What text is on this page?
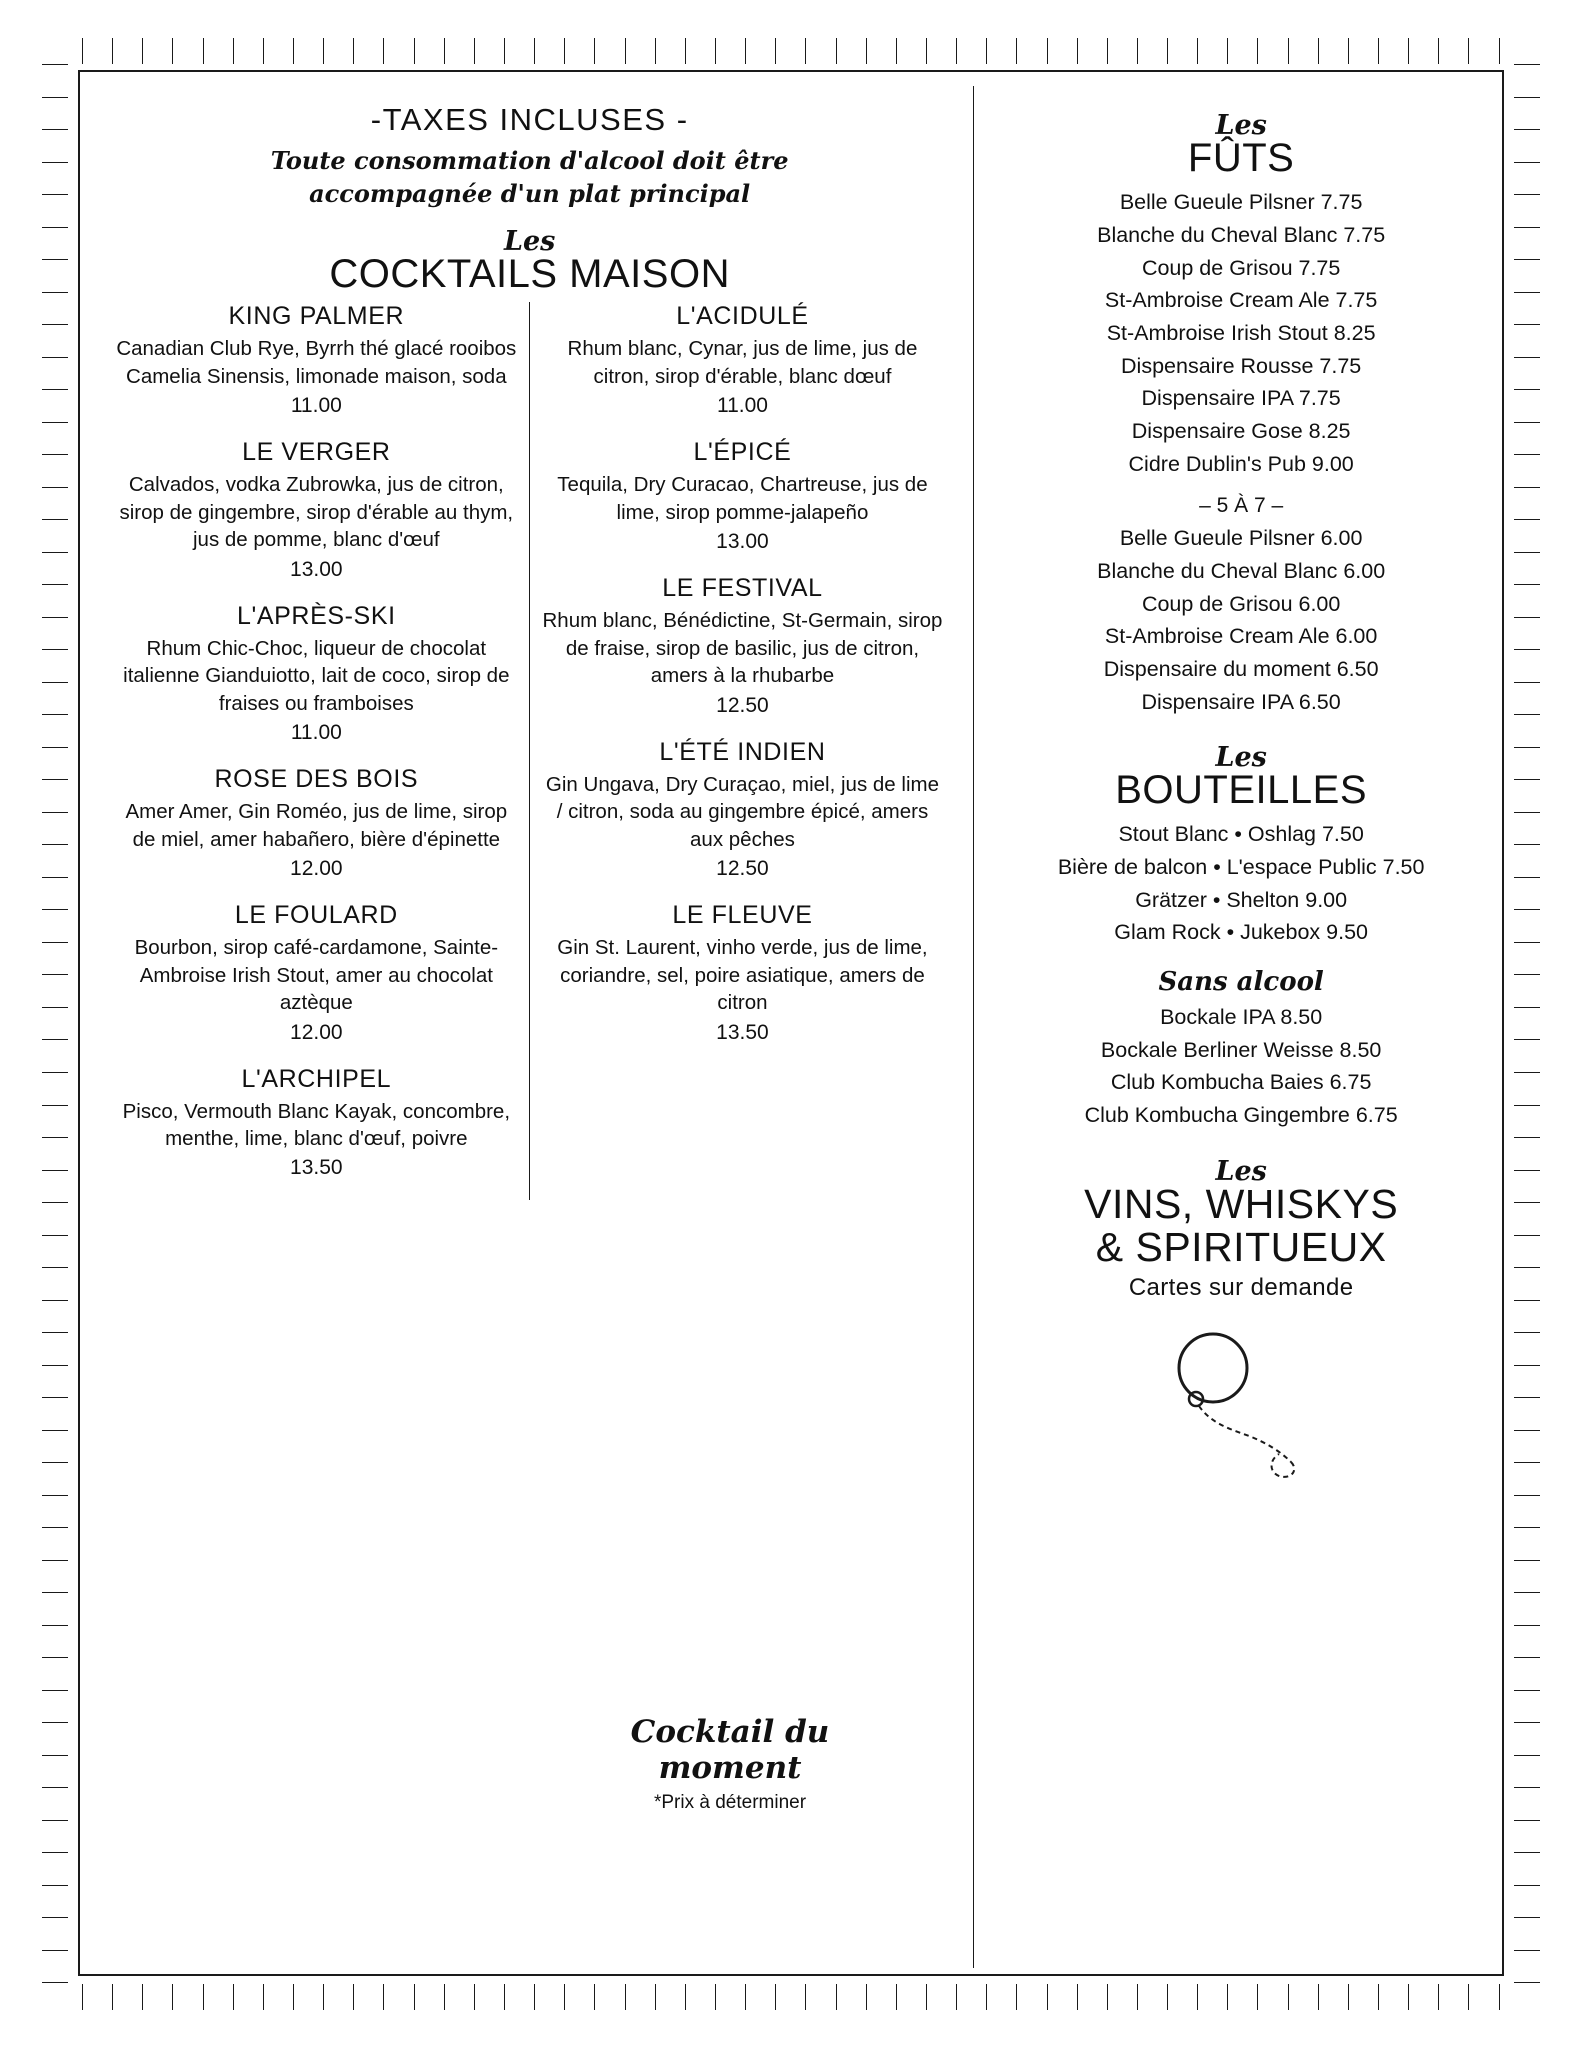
-TAXES INCLUSES -
Toute consommation d'alcool doit être
accompagnée d'un plat principal
Les
COCKTAILS MAISON
KING PALMER
Canadian Club Rye, Byrrh thé glacé rooibos Camelia Sinensis, limonade maison, soda
11.00
LE VERGER
Calvados, vodka Zubrowka, jus de citron, sirop de gingembre, sirop d'érable au thym, jus de pomme, blanc d'œuf
13.00
L'APRÈS-SKI
Rhum Chic-Choc, liqueur de chocolat italienne Gianduiotto, lait de coco, sirop de fraises ou framboises
11.00
ROSE DES BOIS
Amer Amer, Gin Roméo, jus de lime, sirop de miel, amer habañero, bière d'épinette
12.00
LE FOULARD
Bourbon, sirop café-cardamone, Sainte-Ambroise Irish Stout, amer au chocolat aztèque
12.00
L'ARCHIPEL
Pisco, Vermouth Blanc Kayak, concombre, menthe, lime, blanc d'œuf, poivre
13.50
L'ACIDULÉ
Rhum blanc, Cynar, jus de lime, jus de citron, sirop d'érable, blanc dœuf
11.00
L'ÉPICÉ
Tequila, Dry Curacao, Chartreuse, jus de lime, sirop pomme-jalapeño
13.00
LE FESTIVAL
Rhum blanc, Bénédictine, St-Germain, sirop de fraise, sirop de basilic, jus de citron, amers à la rhubarbe
12.50
L'ÉTÉ INDIEN
Gin Ungava, Dry Curaçao, miel, jus de lime / citron, soda au gingembre épicé, amers aux pêches
12.50
LE FLEUVE
Gin St. Laurent, vinho verde, jus de lime, coriandre, sel, poire asiatique, amers de citron
13.50
Les
FÛTS
Belle Gueule Pilsner 7.75
Blanche du Cheval Blanc 7.75
Coup de Grisou 7.75
St-Ambroise Cream Ale 7.75
St-Ambroise Irish Stout 8.25
Dispensaire Rousse 7.75
Dispensaire IPA 7.75
Dispensaire Gose 8.25
Cidre Dublin's Pub 9.00
– 5 À 7 –
Belle Gueule Pilsner 6.00
Blanche du Cheval Blanc 6.00
Coup de Grisou 6.00
St-Ambroise Cream Ale 6.00
Dispensaire du moment 6.50
Dispensaire IPA 6.50
Les
BOUTEILLES
Stout Blanc • Oshlag 7.50
Bière de balcon • L'espace Public 7.50
Grätzer • Shelton 9.00
Glam Rock • Jukebox 9.50
Sans alcool
Bockale IPA 8.50
Bockale Berliner Weisse 8.50
Club Kombucha Baies 6.75
Club Kombucha Gingembre 6.75
Les
VINS, WHISKYS
& SPIRITUEUX
Cartes sur demande
Cocktail du moment
*Prix à déterminer
